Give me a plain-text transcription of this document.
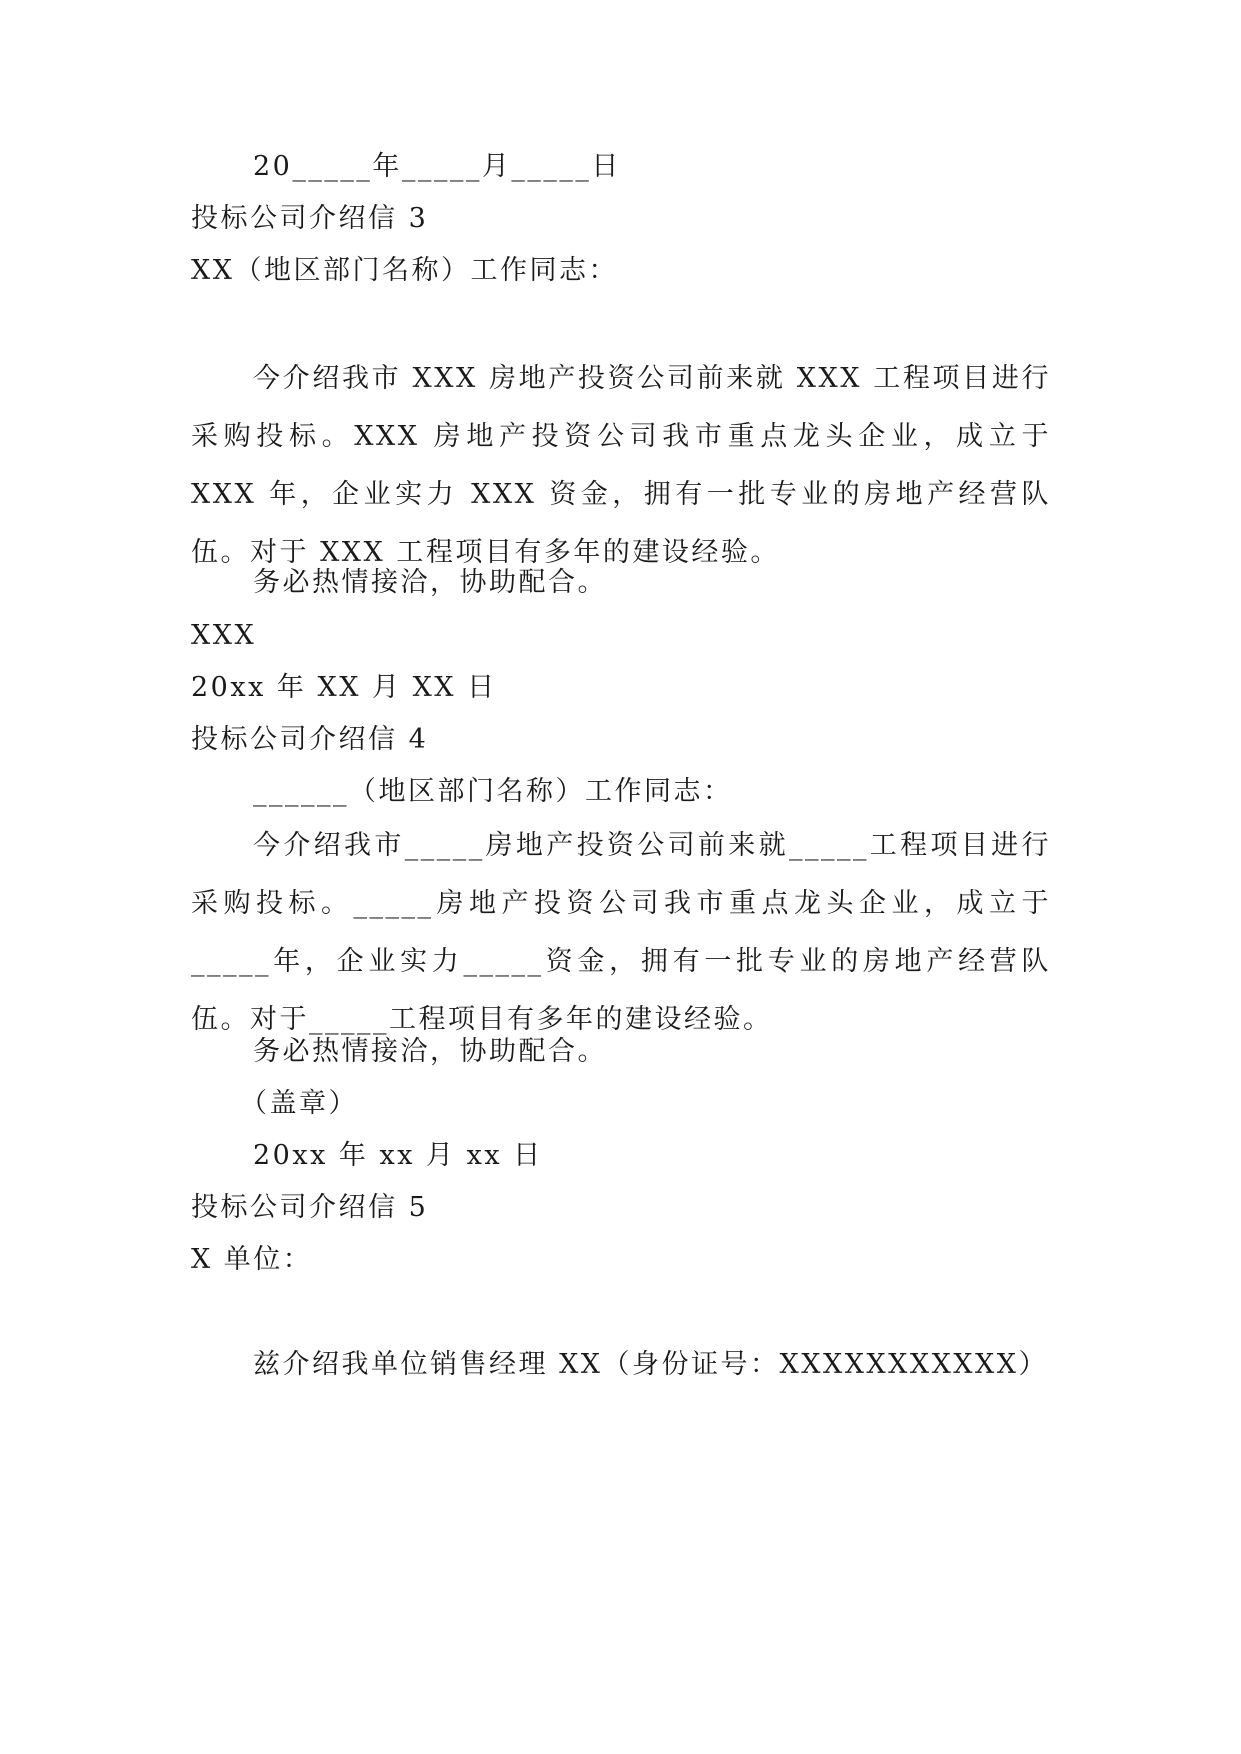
20_____年_____月_____日
投标公司介绍信 3
XX（地区部门名称）工作同志：
今介绍我市 XXX 房地产投资公司前来就 XXX 工程项目进行采购投标。XXX 房地产投资公司我市重点龙头企业，成立于 XXX 年，企业实力 XXX 资金，拥有一批专业的房地产经营队伍。对于 XXX 工程项目有多年的建设经验。
务必热情接洽，协助配合。
XXX
20xx 年 XX 月 XX 日
投标公司介绍信 4
______（地区部门名称）工作同志：
今介绍我市_____房地产投资公司前来就_____工程项目进行采购投标。_____房地产投资公司我市重点龙头企业，成立于_____年，企业实力_____资金，拥有一批专业的房地产经营队伍。对于_____工程项目有多年的建设经验。
务必热情接洽，协助配合。
（盖章）
20xx 年 xx 月 xx 日
投标公司介绍信 5
X 单位：
兹介绍我单位销售经理 XX（身份证号：XXXXXXXXXXX）
